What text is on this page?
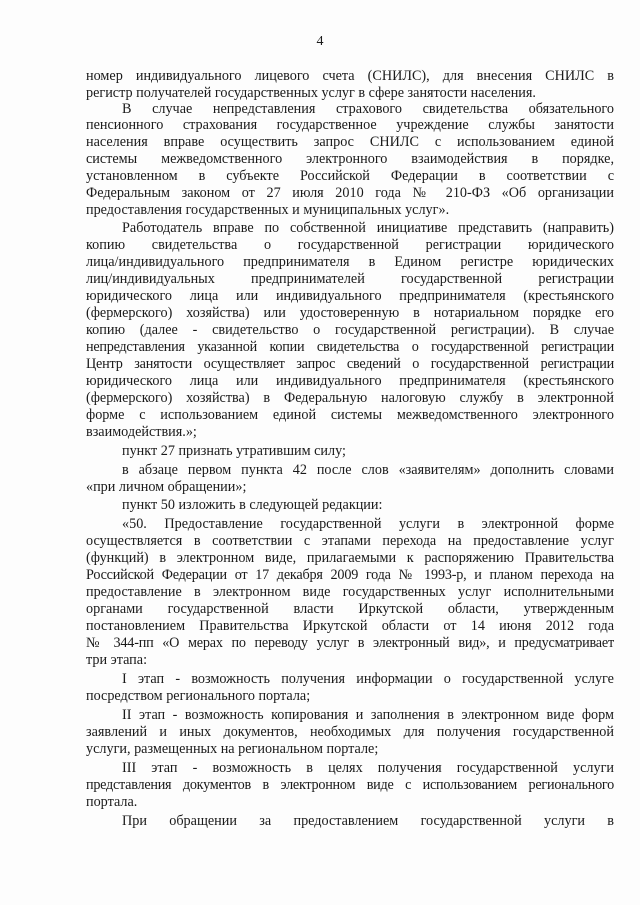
4
номер индивидуального лицевого счета (СНИЛС), для внесения СНИЛС в
регистр получателей государственных услуг в сфере занятости населения.
В случае непредставления страхового свидетельства обязательного
пенсионного страхования государственное учреждение службы занятости
населения вправе осуществить запрос СНИЛС с использованием единой
системы межведомственного электронного взаимодействия в порядке,
установленном в субъекте Российской Федерации в соответствии с
Федеральным законом от 27 июля 2010 года № 210-ФЗ «Об организации
предоставления государственных и муниципальных услуг».
Работодатель вправе по собственной инициативе представить (направить)
копию свидетельства о государственной регистрации юридического
лица/индивидуального предпринимателя в Едином регистре юридических
лиц/индивидуальных предпринимателей государственной регистрации
юридического лица или индивидуального предпринимателя (крестьянского
(фермерского) хозяйства) или удостоверенную в нотариальном порядке его
копию (далее - свидетельство о государственной регистрации). В случае
непредставления указанной копии свидетельства о государственной регистрации
Центр занятости осуществляет запрос сведений о государственной регистрации
юридического лица или индивидуального предпринимателя (крестьянского
(фермерского) хозяйства) в Федеральную налоговую службу в электронной
форме с использованием единой системы межведомственного электронного
взаимодействия.»;
пункт 27 признать утратившим силу;
в абзаце первом пункта 42 после слов «заявителям» дополнить словами
«при личном обращении»;
пункт 50 изложить в следующей редакции:
«50. Предоставление государственной услуги в электронной форме
осуществляется в соответствии с этапами перехода на предоставление услуг
(функций) в электронном виде, прилагаемыми к распоряжению Правительства
Российской Федерации от 17 декабря 2009 года № 1993-р, и планом перехода на
предоставление в электронном виде государственных услуг исполнительными
органами государственной власти Иркутской области, утвержденным
постановлением Правительства Иркутской области от 14 июня 2012 года
№ 344-пп «О мерах по переводу услуг в электронный вид», и предусматривает
три этапа:
I этап - возможность получения информации о государственной услуге
посредством регионального портала;
II этап - возможность копирования и заполнения в электронном виде форм
заявлений и иных документов, необходимых для получения государственной
услуги, размещенных на региональном портале;
III этап - возможность в целях получения государственной услуги
представления документов в электронном виде с использованием регионального
портала.
При обращении за предоставлением государственной услуги в
